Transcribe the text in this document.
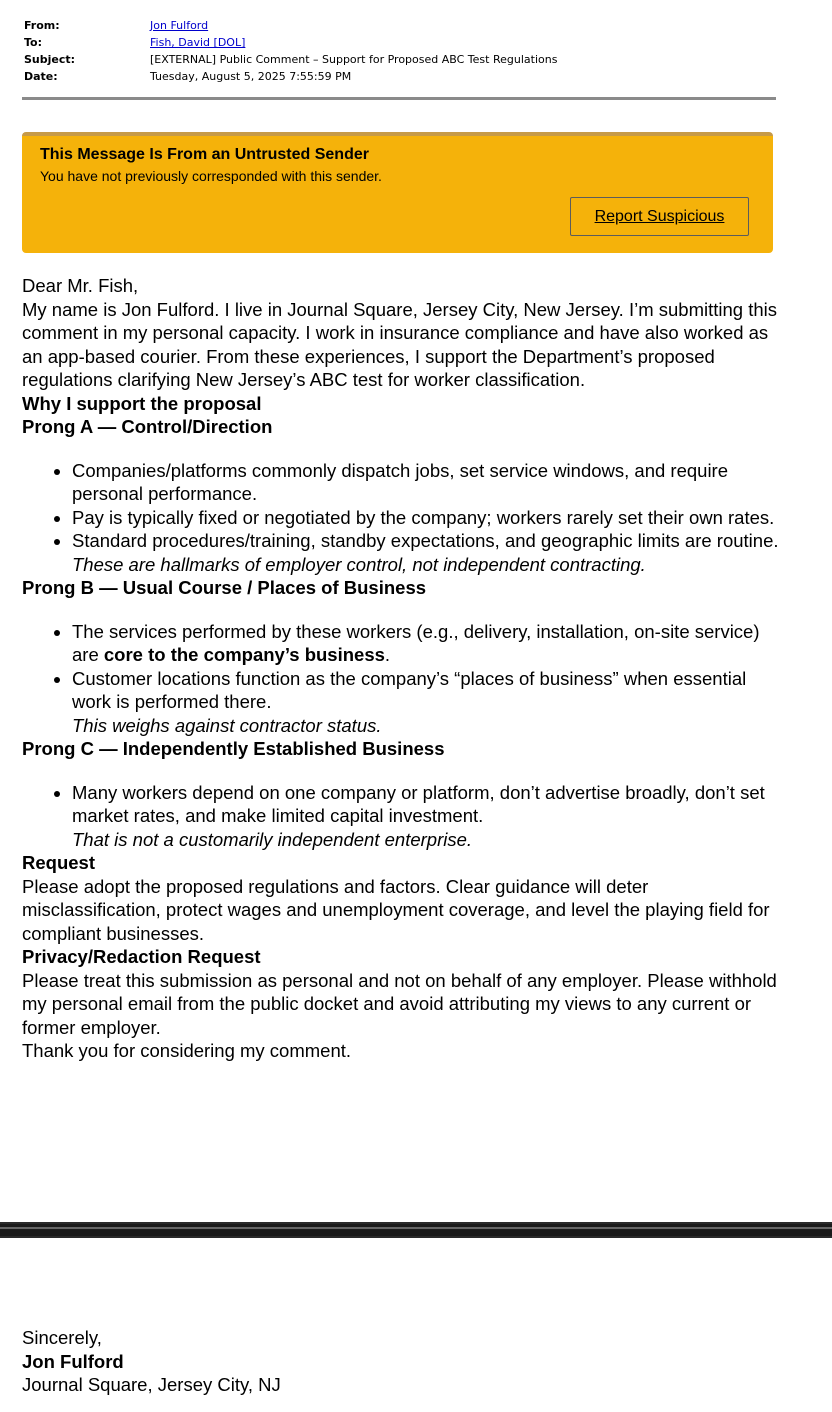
From:	Jon Fulford
To:	Fish, David [DOL]
Subject:	[EXTERNAL] Public Comment – Support for Proposed ABC Test Regulations
Date:	Tuesday, August 5, 2025 7:55:59 PM
This Message Is From an Untrusted Sender
You have not previously corresponded with this sender.
Report Suspicious

Dear Mr. Fish,

My name is Jon Fulford. I live in Journal Square, Jersey City, New Jersey. I’m submitting this comment in my personal capacity. I work in insurance compliance and have also worked as an app-based courier. From these experiences, I support the Department’s proposed regulations clarifying New Jersey’s ABC test for worker classification.

Why I support the proposal

Prong A — Control/Direction

• Companies/platforms commonly dispatch jobs, set service windows, and require personal performance.
• Pay is typically fixed or negotiated by the company; workers rarely set their own rates.
• Standard procedures/training, standby expectations, and geographic limits are routine.

These are hallmarks of employer control, not independent contracting.

Prong B — Usual Course / Places of Business

• The services performed by these workers (e.g., delivery, installation, on-site service) are core to the company’s business.
• Customer locations function as the company’s “places of business” when essential work is performed there.

This weighs against contractor status.

Prong C — Independently Established Business

• Many workers depend on one company or platform, don’t advertise broadly, don’t set market rates, and make limited capital investment.

That is not a customarily independent enterprise.

Request

Please adopt the proposed regulations and factors. Clear guidance will deter misclassification, protect wages and unemployment coverage, and level the playing field for compliant businesses.

Privacy/Redaction Request

Please treat this submission as personal and not on behalf of any employer. Please withhold my personal email from the public docket and avoid attributing my views to any current or former employer.

Thank you for considering my comment.

Sincerely,

Jon Fulford

Journal Square, Jersey City, NJ
